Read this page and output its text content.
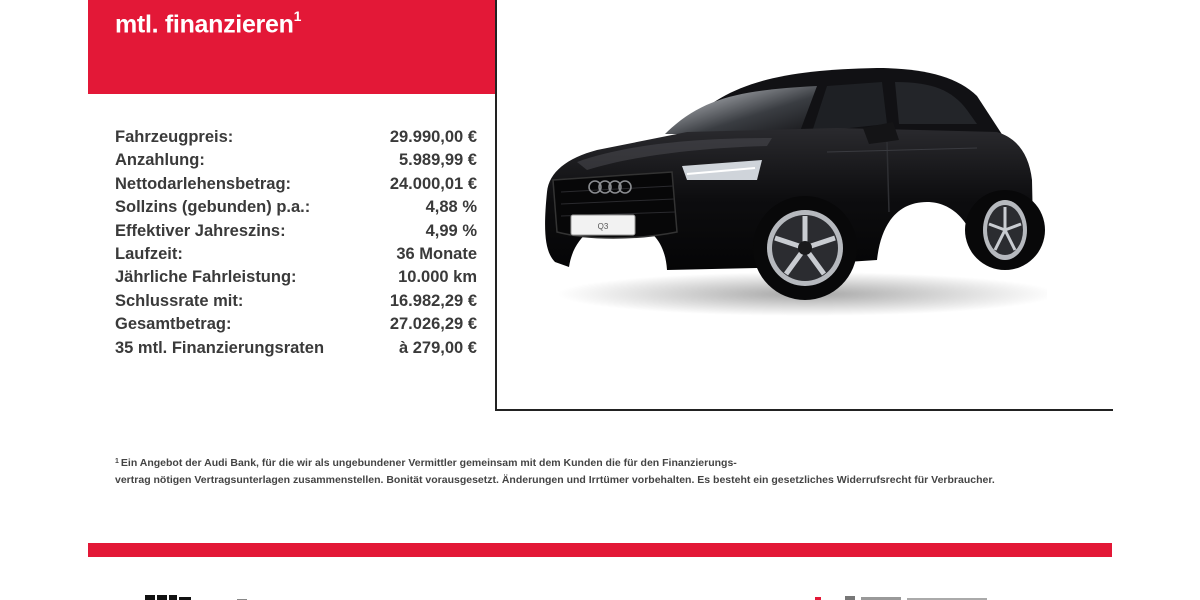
mtl. finanzieren$^1$
Fahrzeugpreis:	29.990,00 €
Anzahlung:	5.989,99 €
Nettodarlehensbetrag:	24.000,01 €
Sollzins (gebunden) p.a.:	4,88 %
Effektiver Jahreszins:	4,99 %
Laufzeit:	36 Monate
Jährliche Fahrleistung:	10.000 km
Schlussrate mit:	16.982,29 €
Gesamtbetrag:	27.026,29 €
35 mtl. Finanzierungsraten	à 279,00 €
Q3

$^1$ Ein Angebot der Audi Bank, für die wir als ungebundener Vermittler gemeinsam mit dem Kunden die für den Finanzierungs-

vertrag nötigen Vertragsunterlagen zusammenstellen. Bonität vorausgesetzt. Änderungen und Irrtümer vorbehalten. Es besteht ein gesetzliches Widerrufsrecht für Verbraucher.
